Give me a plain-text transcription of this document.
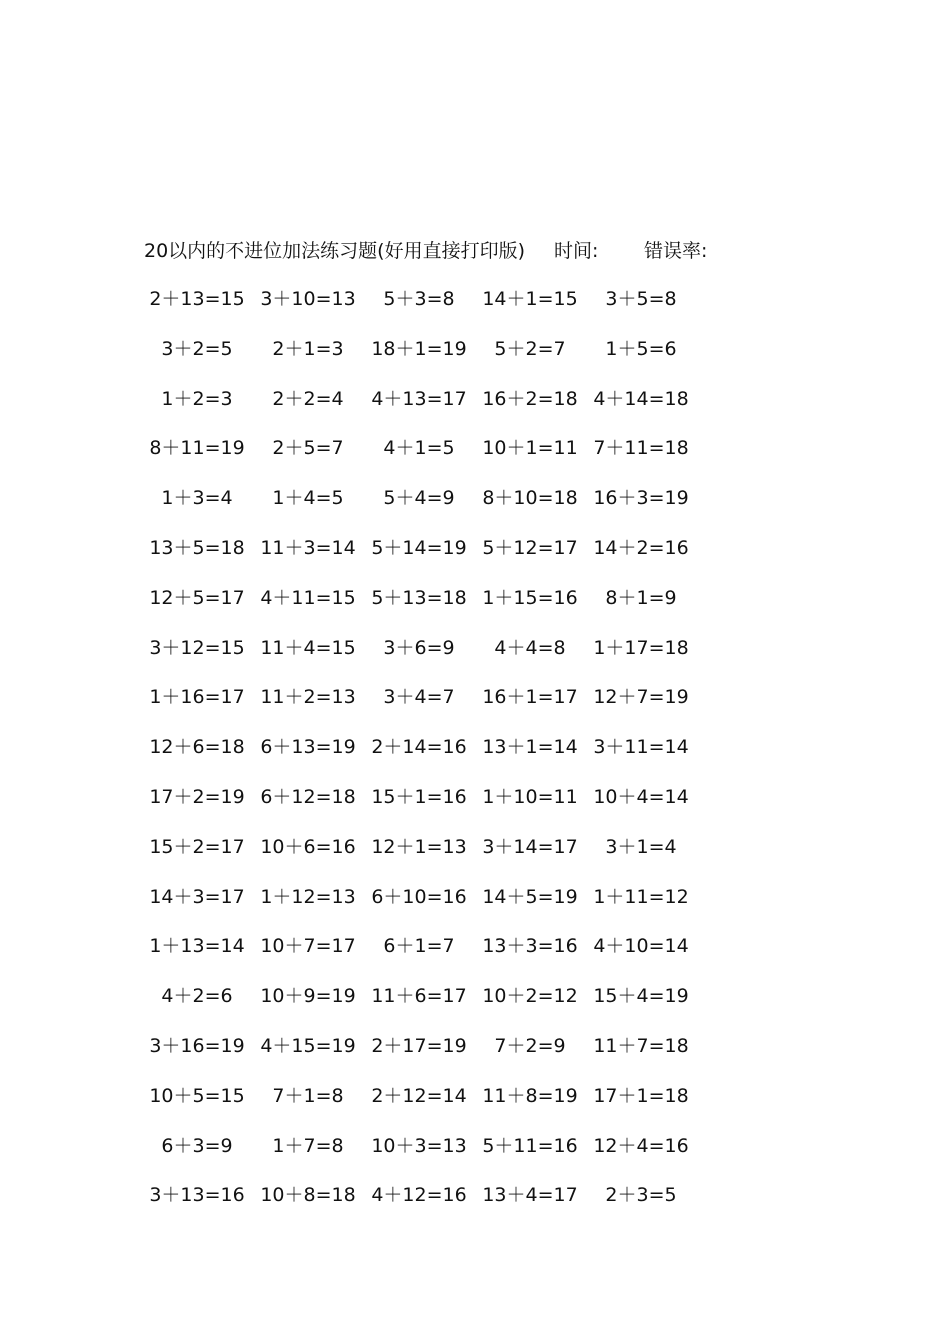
20以内的不进位加法练习题(好用直接打印版) 时间: 错误率:
2＋13=15 3＋10=13	5＋3=8	14＋1=15	3＋5=8
3＋2=5	2＋1=3	18＋1=19	5＋2=7	1＋5=6
1＋2=3	2＋2=4	4＋13=17 16＋2=18 4＋14=18
8＋11=19	2＋5=7	4＋1=5	10＋1=11 7＋11=18
1＋3=4	1＋4=5	5＋4=9	8＋10=18 16＋3=19
13＋5=18 11＋3=14 5＋14=19 5＋12=17 14＋2=16
12＋5=17 4＋11=15 5＋13=18 1＋15=16	8＋1=9
3＋12=15 11＋4=15	3＋6=9	4＋4=8	1＋17=18
1＋16=17 11＋2=13	3＋4=7	16＋1=17 12＋7=19
12＋6=18 6＋13=19 2＋14=16 13＋1=14 3＋11=14
17＋2=19 6＋12=18 15＋1=16 1＋10=11 10＋4=14
15＋2=17 10＋6=16 12＋1=13 3＋14=17	3＋1=4
14＋3=17 1＋12=13 6＋10=16 14＋5=19 1＋11=12
1＋13=14 10＋7=17	6＋1=7	13＋3=16 4＋10=14
4＋2=6	10＋9=19 11＋6=17 10＋2=12 15＋4=19
3＋16=19 4＋15=19 2＋17=19	7＋2=9	11＋7=18
10＋5=15	7＋1=8	2＋12=14 11＋8=19 17＋1=18
6＋3=9	1＋7=8	10＋3=13 5＋11=16 12＋4=16
3＋13=16 10＋8=18 4＋12=16 13＋4=17	2＋3=5
